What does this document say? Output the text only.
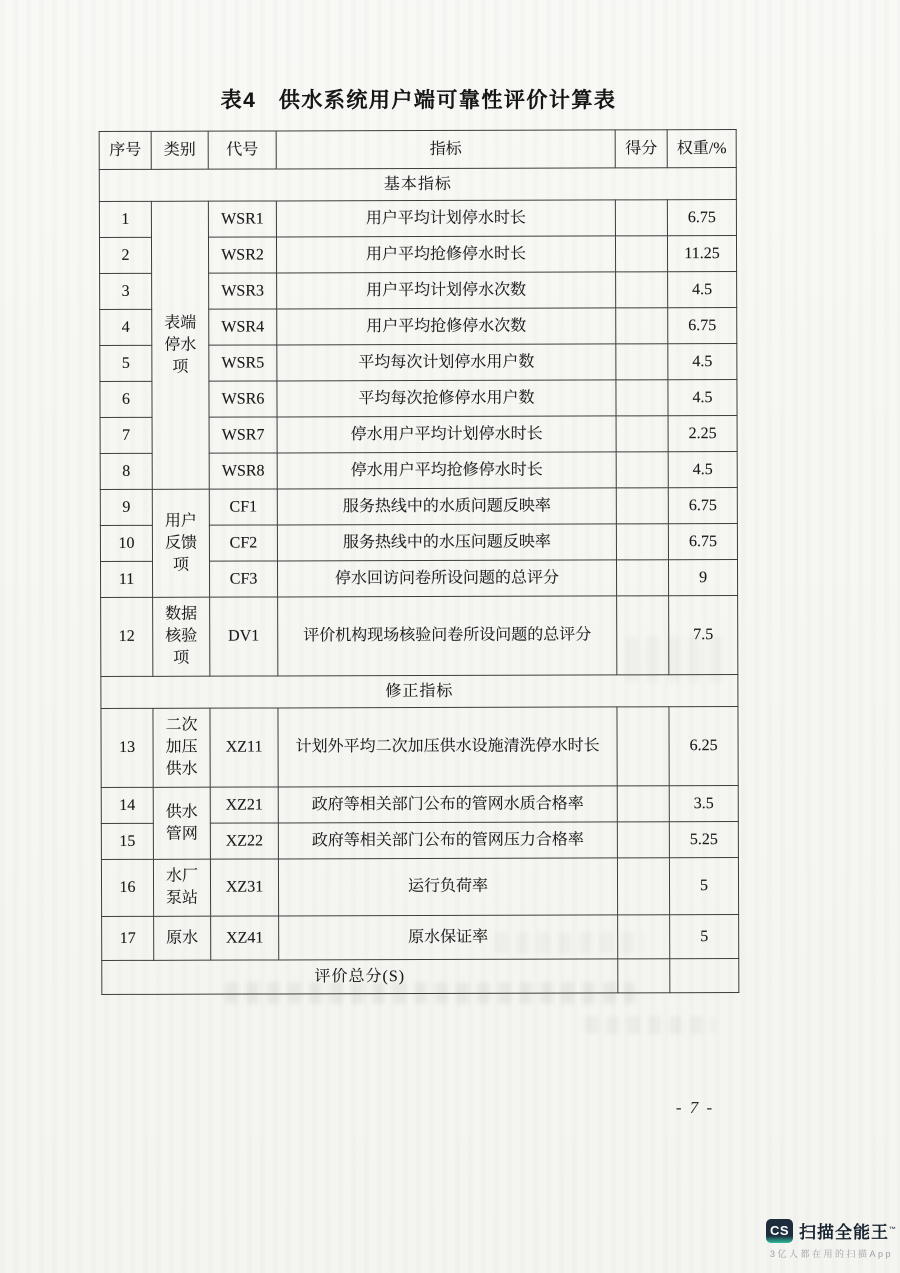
表4　供水系统用户端可靠性评价计算表
序号	类别	代号	指标	得分	权重/%
基本指标					
1	表端停水项	WSR1	用户平均计划停水时长		6.75
2		WSR2	用户平均抢修停水时长		11.25
3		WSR3	用户平均计划停水次数		4.5
4		WSR4	用户平均抢修停水次数		6.75
5		WSR5	平均每次计划停水用户数		4.5
6		WSR6	平均每次抢修停水用户数		4.5
7		WSR7	停水用户平均计划停水时长		2.25
8		WSR8	停水用户平均抢修停水时长		4.5
9	用户反馈项	CF1	服务热线中的水质问题反映率		6.75
10		CF2	服务热线中的水压问题反映率		6.75
11		CF3	停水回访问卷所设问题的总评分		9
12	数据核验项	DV1	评价机构现场核验问卷所设问题的总评分		7.5
修正指标					
13	二次加压供水	XZ11	计划外平均二次加压供水设施清洗停水时长		6.25
14	供水管网	XZ21	政府等相关部门公布的管网水质合格率		3.5
15		XZ22	政府等相关部门公布的管网压力合格率		5.25
16	水厂泵站	XZ31	运行负荷率		5
17	原水	XZ41	原水保证率		5
评价总分(S)					
- 7 -
CS 扫描全能王™
3亿人都在用的扫描App
